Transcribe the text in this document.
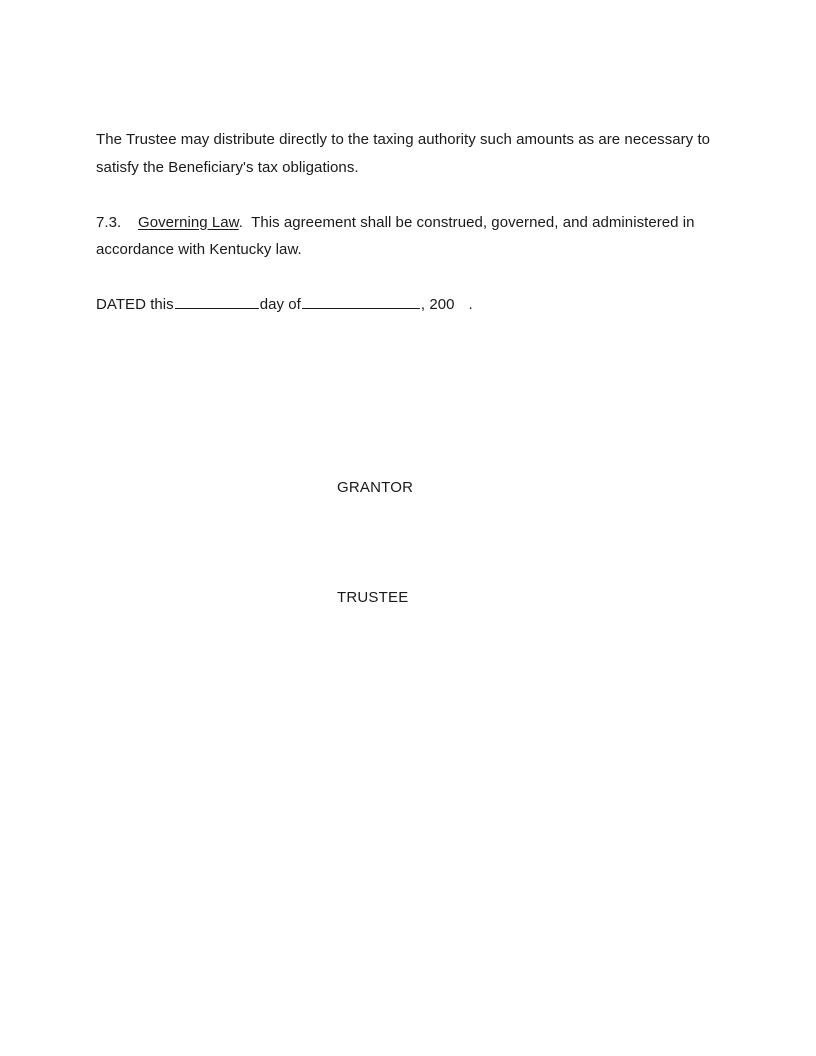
The Trustee may distribute directly to the taxing authority such amounts as are necessary to satisfy the Beneficiary's tax obligations.

7.3. Governing Law.  This agreement shall be construed, governed, and administered in accordance with Kentucky law.

DATED this	day of	, 200 .

GRANTOR

TRUSTEE
